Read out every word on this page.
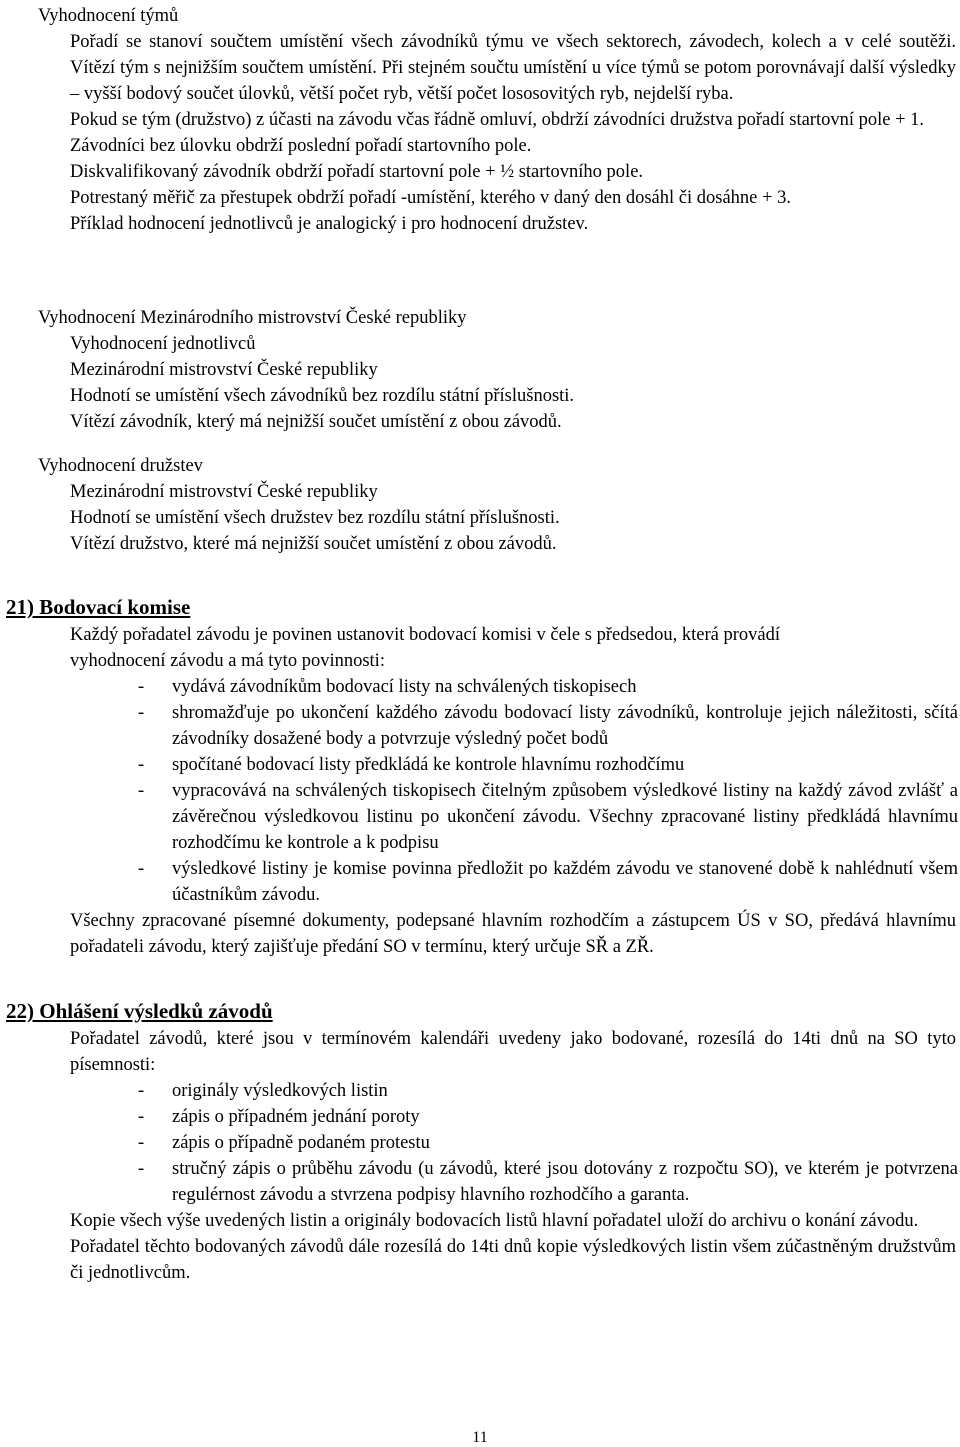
Vyhodnocení týmů
Pořadí se stanoví součtem umístění všech závodníků týmu ve všech sektorech, závodech, kolech a v celé soutěži. Vítězí tým s nejnižším součtem umístění. Při stejném součtu umístění u více týmů se potom porovnávají další výsledky – vyšší bodový součet úlovků, větší počet ryb, větší počet lososovitých ryb, nejdelší ryba.
Pokud se tým (družstvo) z účasti na závodu včas řádně omluví, obdrží závodníci družstva pořadí startovní pole + 1.
Závodníci bez úlovku obdrží poslední pořadí startovního pole.
Diskvalifikovaný závodník obdrží pořadí startovní pole + ½ startovního pole.
Potrestaný měřič za přestupek obdrží pořadí -umístění, kterého v daný den dosáhl či dosáhne + 3.
Příklad hodnocení jednotlivců je analogický i pro hodnocení družstev.
Vyhodnocení Mezinárodního mistrovství České republiky
Vyhodnocení jednotlivců
Mezinárodní mistrovství České republiky
Hodnotí se umístění všech závodníků bez rozdílu státní příslušnosti.
Vítězí závodník, který má nejnižší součet umístění z obou závodů.
Vyhodnocení družstev
Mezinárodní mistrovství České republiky
Hodnotí se umístění všech družstev bez rozdílu státní příslušnosti.
Vítězí družstvo, které má nejnižší součet umístění z obou závodů.
21) Bodovací komise
Každý pořadatel závodu je povinen ustanovit bodovací komisi v čele s předsedou, která provádí vyhodnocení závodu a má tyto povinnosti:
- vydává závodníkům bodovací listy na schválených tiskopisech
- shromažďuje po ukončení každého závodu bodovací listy závodníků, kontroluje jejich náležitosti, sčítá závodníky dosažené body a potvrzuje výsledný počet bodů
- spočítané bodovací listy předkládá ke kontrole hlavnímu rozhodčímu
- vypracovává na schválených tiskopisech čitelným způsobem výsledkové listiny na každý závod zvlášť a závěrečnou výsledkovou listinu po ukončení závodu. Všechny zpracované listiny předkládá hlavnímu rozhodčímu ke kontrole a k podpisu
- výsledkové listiny je komise povinna předložit po každém závodu ve stanovené době k nahlédnutí všem účastníkům závodu.
Všechny zpracované písemné dokumenty, podepsané hlavním rozhodčím a zástupcem ÚS v SO, předává hlavnímu pořadateli závodu, který zajišťuje předání SO v termínu, který určuje SŘ a ZŘ.
22) Ohlášení výsledků závodů
Pořadatel závodů, které jsou v termínovém kalendáři uvedeny jako bodované, rozesílá do 14ti dnů na SO tyto písemnosti:
- originály výsledkových listin
- zápis o případném jednání poroty
- zápis o případně podaném protestu
- stručný zápis o průběhu závodu (u závodů, které jsou dotovány z rozpočtu SO), ve kterém je potvrzena regulérnost závodu a stvrzena podpisy hlavního rozhodčího a garanta.
Kopie všech výše uvedených listin a originály bodovacích listů hlavní pořadatel uloží do archivu o konání závodu.
Pořadatel těchto bodovaných závodů dále rozesílá do 14ti dnů kopie výsledkových listin všem zúčastněným družstvům či jednotlivcům.
11
